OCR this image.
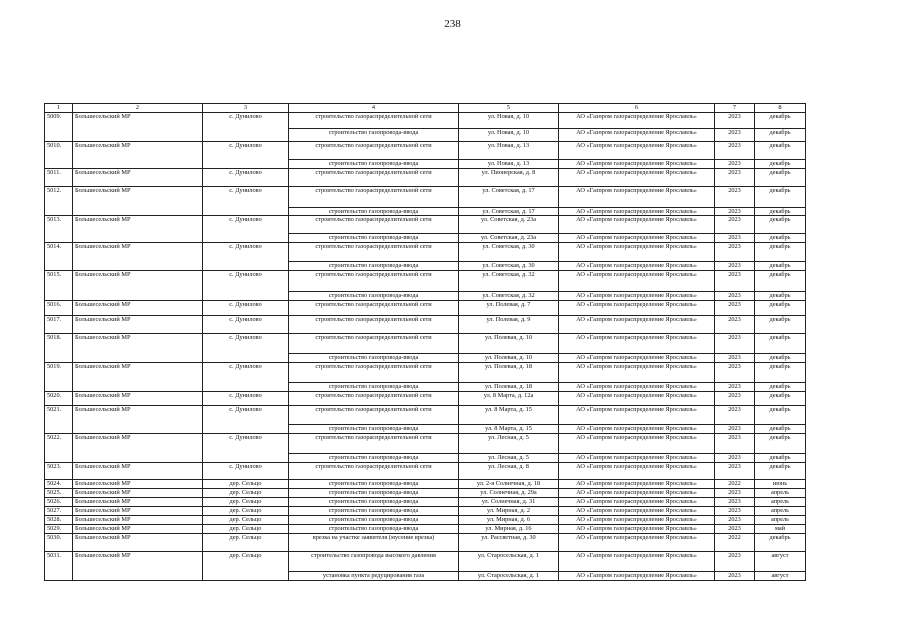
238
1	2	3	4	5	6	7	8
5009.	Большесельский МР	с. Дунилово	строительство газораспределительной сети	ул. Новая, д. 10	АО «Газпром газораспределение Ярославль»	2023	декабрь
			строительство газопровода-ввода	ул. Новая, д. 10	АО «Газпром газораспределение Ярославль»	2023	декабрь
5010.	Большесельский МР	с. Дунилово	строительство газораспределительной сети	ул. Новая, д. 13	АО «Газпром газораспределение Ярославль»	2023	декабрь
			строительство газопровода-ввода	ул. Новая, д. 13	АО «Газпром газораспределение Ярославль»	2023	декабрь
5011.	Большесельский МР	с. Дунилово	строительство газораспределительной сети	ул. Пионерская, д. 8	АО «Газпром газораспределение Ярославль»	2023	декабрь
5012.	Большесельский МР	с. Дунилово	строительство газораспределительной сети	ул. Советская, д. 17	АО «Газпром газораспределение Ярославль»	2023	декабрь
			строительство газопровода-ввода	ул. Советская, д. 17	АО «Газпром газораспределение Ярославль»	2023	декабрь
5013.	Большесельский МР	с. Дунилово	строительство газораспределительной сети	ул. Советская, д. 23а	АО «Газпром газораспределение Ярославль»	2023	декабрь
			строительство газопровода-ввода	ул. Советская, д. 23а	АО «Газпром газораспределение Ярославль»	2023	декабрь
5014.	Большесельский МР	с. Дунилово	строительство газораспределительной сети	ул. Советская, д. 30	АО «Газпром газораспределение Ярославль»	2023	декабрь
			строительство газопровода-ввода	ул. Советская, д. 30	АО «Газпром газораспределение Ярославль»	2023	декабрь
5015.	Большесельский МР	с. Дунилово	строительство газораспределительной сети	ул. Советская, д. 32	АО «Газпром газораспределение Ярославль»	2023	декабрь
			строительство газопровода-ввода	ул. Советская, д. 32	АО «Газпром газораспределение Ярославль»	2023	декабрь
5016.	Большесельский МР	с. Дунилово	строительство газораспределительной сети	ул. Полевая, д. 7	АО «Газпром газораспределение Ярославль»	2023	декабрь
5017.	Большесельский МР	с. Дунилово	строительство газораспределительной сети	ул. Полевая, д. 9	АО «Газпром газораспределение Ярославль»	2023	декабрь
5018.	Большесельский МР	с. Дунилово	строительство газораспределительной сети	ул. Полевая, д. 10	АО «Газпром газораспределение Ярославль»	2023	декабрь
			строительство газопровода-ввода	ул. Полевая, д. 10	АО «Газпром газораспределение Ярославль»	2023	декабрь
5019.	Большесельский МР	с. Дунилово	строительство газораспределительной сети	ул. Полевая, д. 18	АО «Газпром газораспределение Ярославль»	2023	декабрь
			строительство газопровода-ввода	ул. Полевая, д. 18	АО «Газпром газораспределение Ярославль»	2023	декабрь
5020.	Большесельский МР	с. Дунилово	строительство газораспределительной сети	ул. 8 Марта, д. 12а	АО «Газпром газораспределение Ярославль»	2023	декабрь
5021.	Большесельский МР	с. Дунилово	строительство газораспределительной сети	ул. 8 Марта, д. 15	АО «Газпром газораспределение Ярославль»	2023	декабрь
			строительство газопровода-ввода	ул. 8 Марта, д. 15	АО «Газпром газораспределение Ярославль»	2023	декабрь
5022.	Большесельский МР	с. Дунилово	строительство газораспределительной сети	ул. Лесная, д. 5	АО «Газпром газораспределение Ярославль»	2023	декабрь
			строительство газопровода-ввода	ул. Лесная, д. 5	АО «Газпром газораспределение Ярославль»	2023	декабрь
5023.	Большесельский МР	с. Дунилово	строительство газораспределительной сети	ул. Лесная, д. 8	АО «Газпром газораспределение Ярославль»	2023	декабрь
5024.	Большесельский МР	дер. Сельцо	строительство газопровода-ввода	ул. 2-я Солнечная, д. 18	АО «Газпром газораспределение Ярославль»	2022	июнь
5025.	Большесельский МР	дер. Сельцо	строительство газопровода-ввода	ул. Солнечная, д. 29а	АО «Газпром газораспределение Ярославль»	2023	апрель
5026.	Большесельский МР	дер. Сельцо	строительство газопровода-ввода	ул. Солнечная, д. 31	АО «Газпром газораспределение Ярославль»	2023	апрель
5027.	Большесельский МР	дер. Сельцо	строительство газопровода-ввода	ул. Мирная, д. 2	АО «Газпром газораспределение Ярославль»	2023	апрель
5028.	Большесельский МР	дер. Сельцо	строительство газопровода-ввода	ул. Мирная, д. 6	АО «Газпром газораспределение Ярославль»	2023	апрель
5029.	Большесельский МР	дер. Сельцо	строительство газопровода-ввода	ул. Мирная, д. 16	АО «Газпром газораспределение Ярославль»	2023	май
5030.	Большесельский МР	дер. Сельцо	врезка на участке заявителя (мусение врезка)	ул. Рассветная, д. 30	АО «Газпром газораспределение Ярославль»	2022	декабрь
5031.	Большесельский МР	дер. Сельцо	строительство газопровода высокого давления	ул. Старосельская, д. 1	АО «Газпром газораспределение Ярославль»	2023	август
			установка пункта редуцирования газа	ул. Старосельская, д. 1	АО «Газпром газораспределение Ярославль»	2023	август
